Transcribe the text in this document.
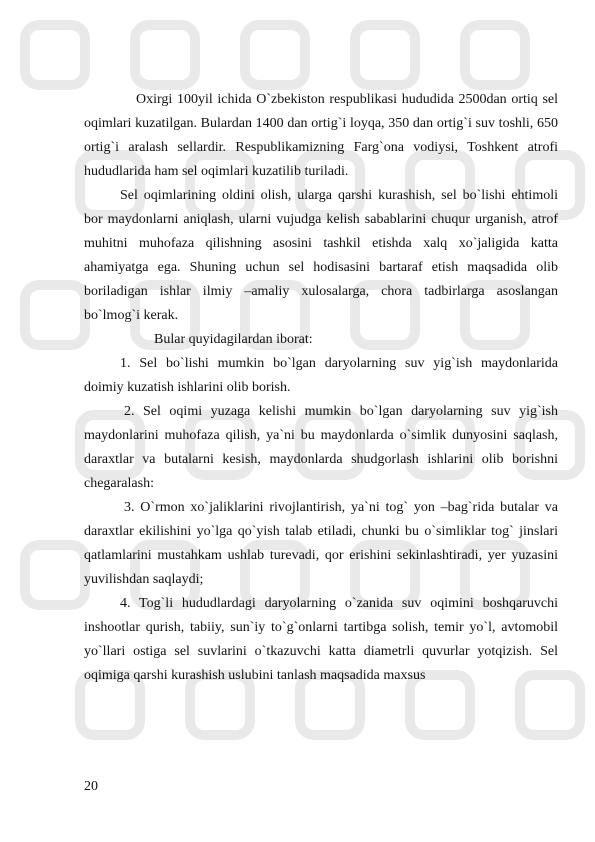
Oxirgi 100yil ichida O`zbekiston respublikasi hududida 2500dan ortiq sel oqimlari kuzatilgan. Bulardan 1400 dan ortig`i loyqa, 350 dan ortig`i suv toshli, 650 ortig`i aralash sellardir. Respublikamizning Farg`ona vodiysi, Toshkent atrofi hududlarida ham sel oqimlari kuzatilib turiladi.

Sel oqimlarining oldini olish, ularga qarshi kurashish, sel bo`lishi ehtimoli bor maydonlarni aniqlash, ularni vujudga kelish sabablarini chuqur urganish, atrof muhitni muhofaza qilishning asosini tashkil etishda xalq xo`jaligida katta ahamiyatga ega. Shuning uchun sel hodisasini bartaraf etish maqsadida olib boriladigan ishlar ilmiy –amaliy xulosalarga, chora tadbirlarga asoslangan bo`lmog`i kerak.

Bular quyidagilardan iborat:

1. Sel bo`lishi mumkin bo`lgan daryolarning suv yig`ish maydonlarida doimiy kuzatish ishlarini olib borish.

2. Sel oqimi yuzaga kelishi mumkin bo`lgan daryolarning suv yig`ish maydonlarini muhofaza qilish, ya`ni bu maydonlarda o`simlik dunyosini saqlash, daraxtlar va butalarni kesish, maydonlarda shudgorlash ishlarini olib borishni chegaralash:

3. O`rmon xo`jaliklarini rivojlantirish, ya`ni tog` yon –bag`rida butalar va daraxtlar ekilishini yo`lga qo`yish talab etiladi, chunki bu o`simliklar tog` jinslari qatlamlarini mustahkam ushlab turevadi, qor erishini sekinlashtiradi, yer yuzasini yuvilishdan saqlaydi;

4. Tog`li hududlardagi daryolarning o`zanida suv oqimini boshqaruvchi inshootlar qurish, tabiiy, sun`iy to`g`onlarni tartibga solish, temir yo`l, avtomobil yo`llari ostiga sel suvlarini o`tkazuvchi katta diametrli quvurlar yotqizish. Sel oqimiga qarshi kurashish uslubini tanlash maqsadida maxsus

20
